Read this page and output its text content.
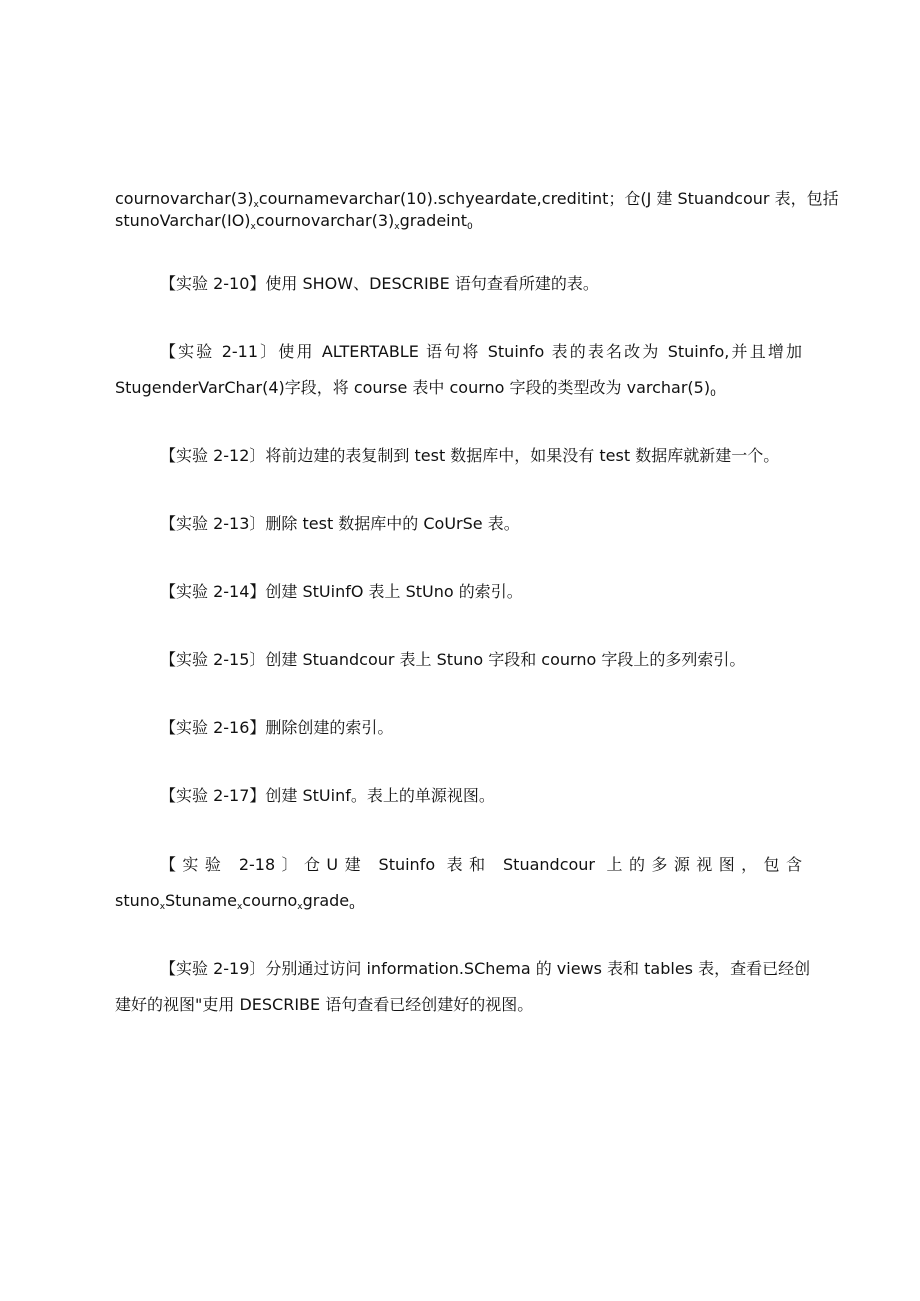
$cournovarchar(3)_xcournamevarchar(10).schyeardate,creditint$；仓(J 建 Stuandcour 表，包括
$stunoVarchar(IO)_xcournovarchar(3)_xgradeint_0$
【实验 2-10】使用 SHOW、DESCRIBE 语句查看所建的表。
【实验 2-11〕使用 ALTERTABLE 语句将 Stuinfo 表的表名改为 Stuinfo,并且增加
StugenderVarChar(4)字段，将 course 表中 courno 字段的类型改为 $varchar(5)_0$
【实验 2-12〕将前边建的表复制到 test 数据库中，如果没有 test 数据库就新建一个。
【实验 2-13〕删除 test 数据库中的 CoUrSe 表。
【实验 2-14】创建 StUinfO 表上 StUno 的索引。
【实验 2-15〕创建 Stuandcour 表上 Stuno 字段和 courno 字段上的多列索引。
【实验 2-16】删除创建的索引。
【实验 2-17】创建 StUinf。表上的单源视图。
【实验 2-18〕仓U建 Stuinfo 表和 Stuandcour 上的多源视图，包含
stuno$_x$Stuname$_x$courno$_x$grade$_o$
【实验 2-19〕分别通过访问 information.SChema 的 views 表和 tables 表，查看已经创
建好的视图"吏用 DESCRIBE 语句查看已经创建好的视图。
